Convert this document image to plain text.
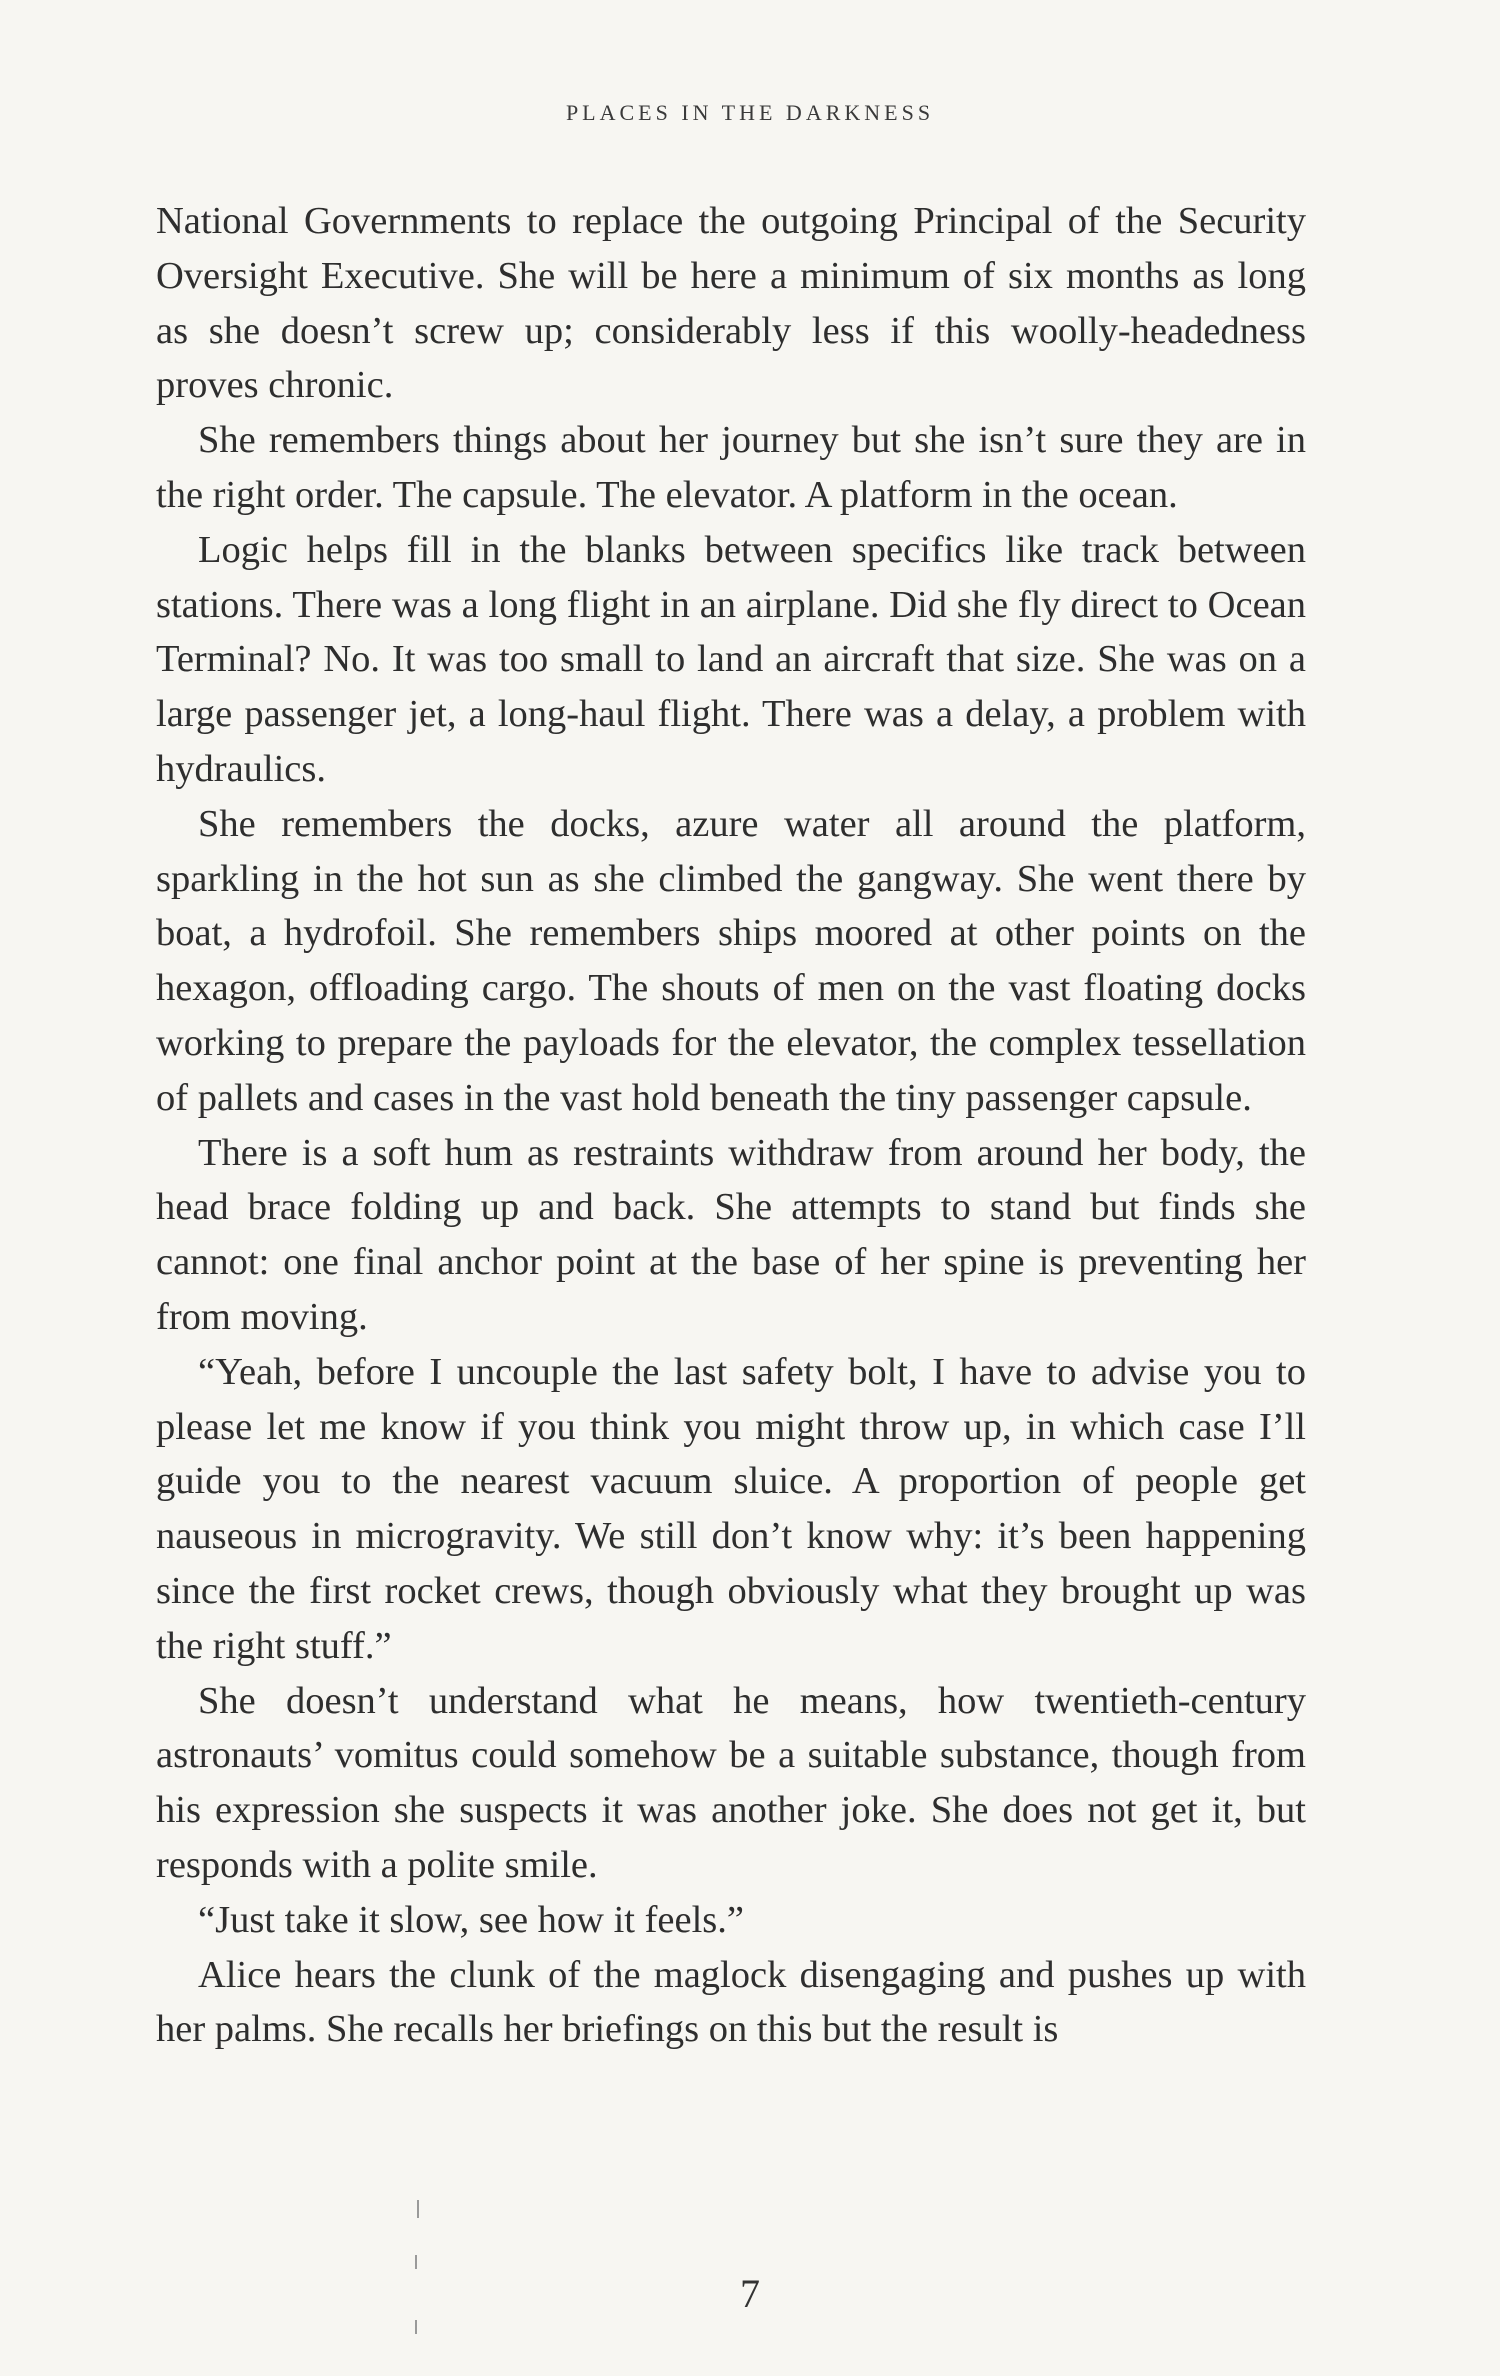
PLACES IN THE DARKNESS

National Governments to replace the outgoing Principal of the Security Oversight Executive. She will be here a minimum of six months as long as she doesn’t screw up; considerably less if this woolly-headedness proves chronic.

She remembers things about her journey but she isn’t sure they are in the right order. The capsule. The elevator. A platform in the ocean.

Logic helps fill in the blanks between specifics like track between stations. There was a long flight in an airplane. Did she fly direct to Ocean Terminal? No. It was too small to land an aircraft that size. She was on a large passenger jet, a long-haul flight. There was a delay, a problem with hydraulics.

She remembers the docks, azure water all around the platform, sparkling in the hot sun as she climbed the gangway. She went there by boat, a hydrofoil. She remembers ships moored at other points on the hexagon, offloading cargo. The shouts of men on the vast floating docks working to prepare the payloads for the elevator, the complex tessellation of pallets and cases in the vast hold beneath the tiny passenger capsule.

There is a soft hum as restraints withdraw from around her body, the head brace folding up and back. She attempts to stand but finds she cannot: one final anchor point at the base of her spine is preventing her from moving.

“Yeah, before I uncouple the last safety bolt, I have to advise you to please let me know if you think you might throw up, in which case I’ll guide you to the nearest vacuum sluice. A proportion of people get nauseous in microgravity. We still don’t know why: it’s been happening since the first rocket crews, though obviously what they brought up was the right stuff.”

She doesn’t understand what he means, how twentieth-century astronauts’ vomitus could somehow be a suitable substance, though from his expression she suspects it was another joke. She does not get it, but responds with a polite smile.

“Just take it slow, see how it feels.”

Alice hears the clunk of the maglock disengaging and pushes up with her palms. She recalls her briefings on this but the result is

7
